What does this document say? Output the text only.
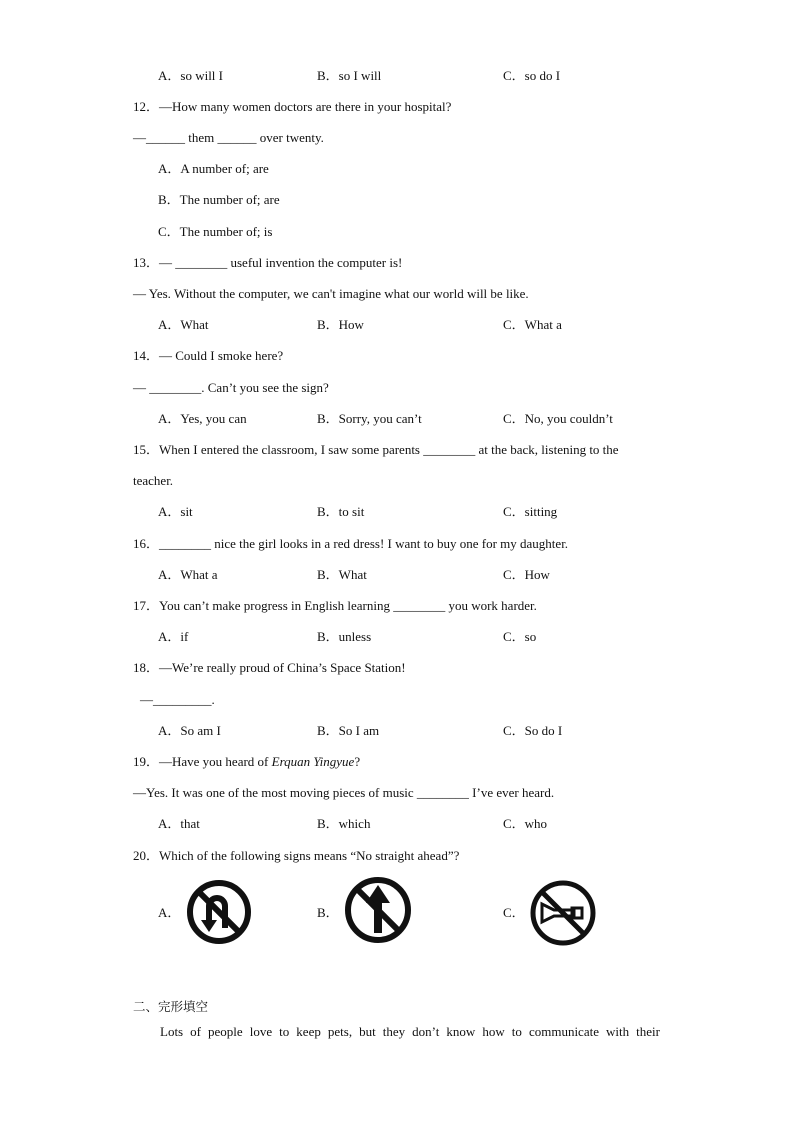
A．so will I	B．so I will	C．so do I
12．—How many women doctors are there in your hospital?
—______ them ______ over twenty.
A．A number of; are
B．The number of; are
C．The number of; is
13．— ________ useful invention the computer is!
— Yes. Without the computer, we can't imagine what our world will be like.
A．What	B．How	C．What a
14．— Could I smoke here?
— ________. Can’t you see the sign?
A．Yes, you can	B．Sorry, you can’t	C．No, you couldn’t
15．When I entered the classroom, I saw some parents ________ at the back, listening to the
teacher.
A．sit	B．to sit	C．sitting
16．________ nice the girl looks in a red dress! I want to buy one for my daughter.
A．What a	B．What	C．How
17．You can’t make progress in English learning ________ you work harder.
A．if	B．unless	C．so
18．—We’re really proud of China’s Space Station!
—_________.
A．So am I	B．So I am	C．So do I
19．—Have you heard of Erquan Yingyue?
—Yes. It was one of the most moving pieces of music ________ I’ve ever heard.
A．that	B．which	C．who
20．Which of the following signs means “No straight ahead”?
A．	B．	C．
二、完形填空
Lots of people love to keep pets, but they don’t know how to communicate with their
